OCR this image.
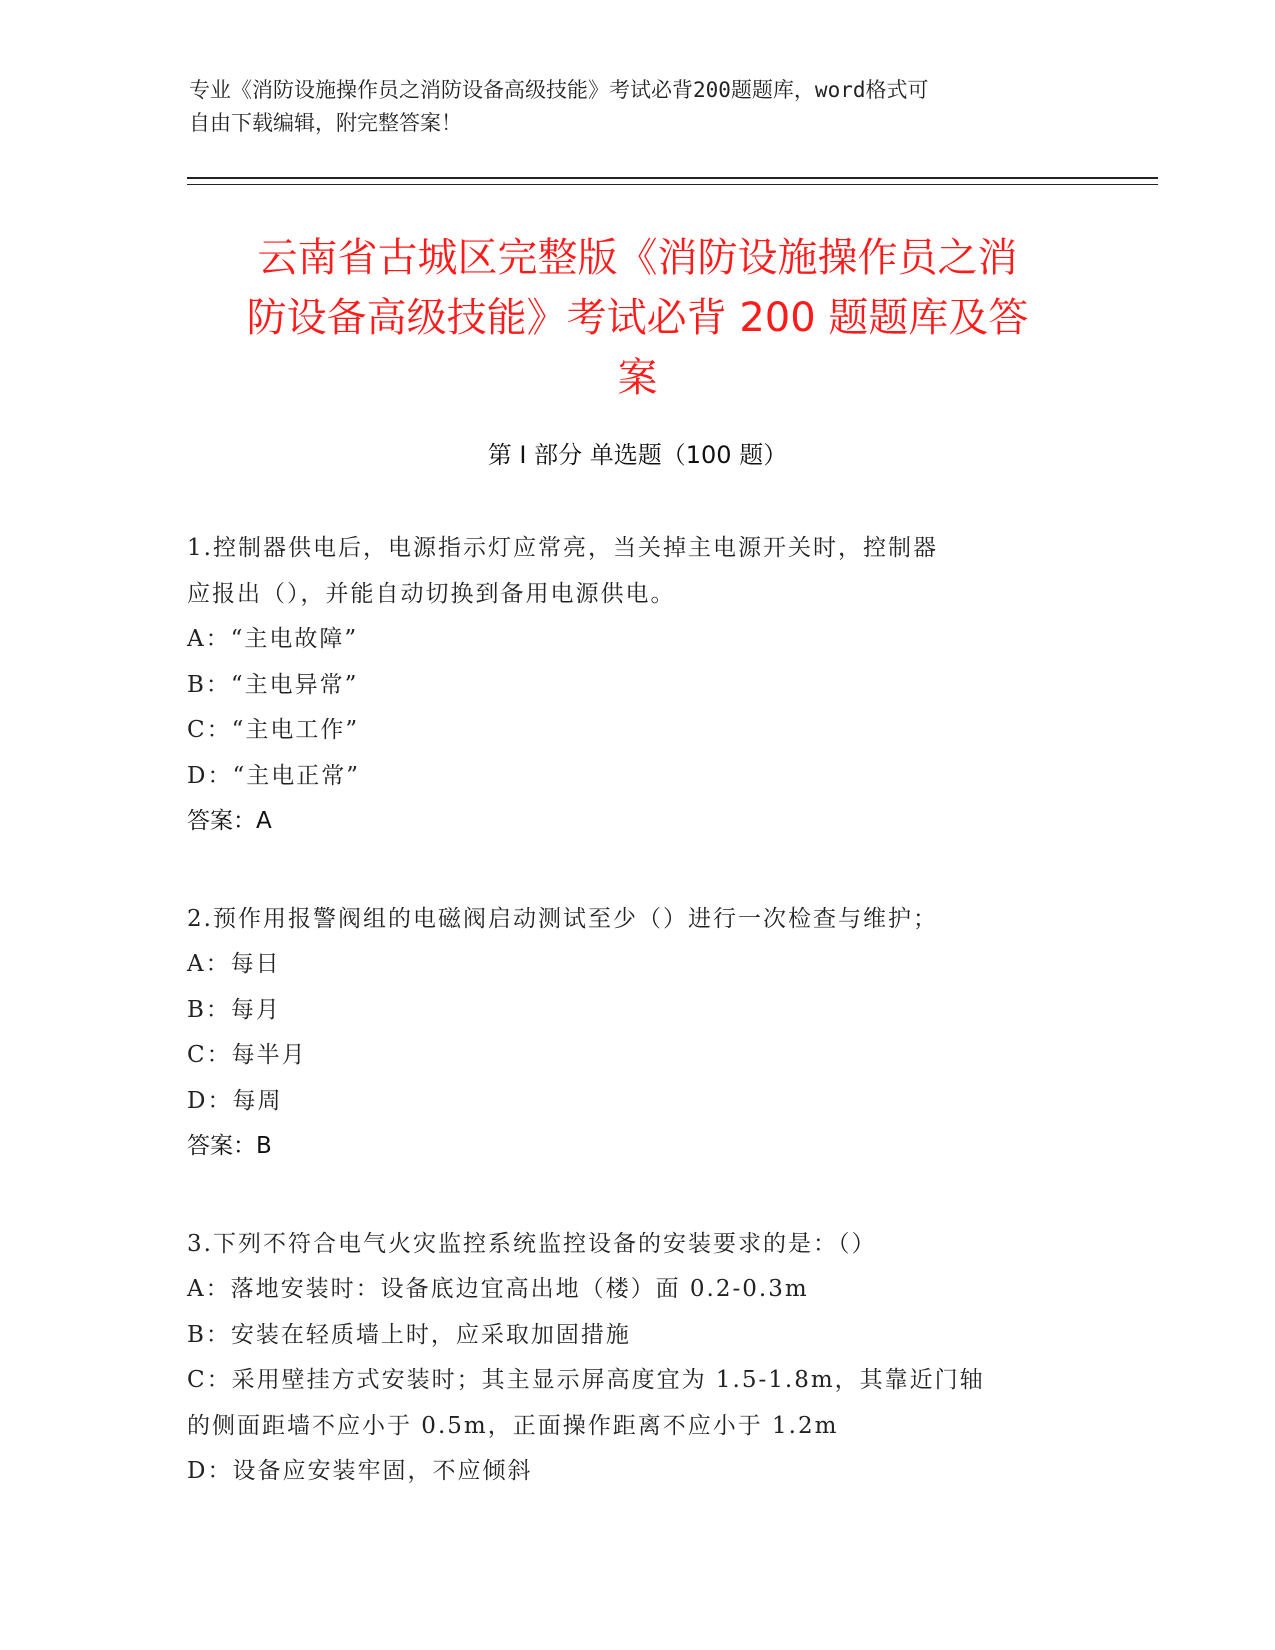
专业《消防设施操作员之消防设备高级技能》考试必背200题题库，word格式可
自由下载编辑，附完整答案！
云南省古城区完整版《消防设施操作员之消
防设备高级技能》考试必背 200 题题库及答
案
第 I 部分 单选题（100 题）
1.控制器供电后，电源指示灯应常亮，当关掉主电源开关时，控制器
应报出（），并能自动切换到备用电源供电。
A：“主电故障”
B：“主电异常”
C：“主电工作”
D：“主电正常”
答案：A
2.预作用报警阀组的电磁阀启动测试至少（）进行一次检查与维护；
A：每日
B：每月
C：每半月
D：每周
答案：B
3.下列不符合电气火灾监控系统监控设备的安装要求的是：（）
A：落地安装时：设备底边宜高出地（楼）面 0.2-0.3m
B：安装在轻质墙上时，应采取加固措施
C：采用壁挂方式安装时；其主显示屏高度宜为 1.5-1.8m，其靠近门轴
的侧面距墙不应小于 0.5m，正面操作距离不应小于 1.2m
D：设备应安装牢固，不应倾斜
